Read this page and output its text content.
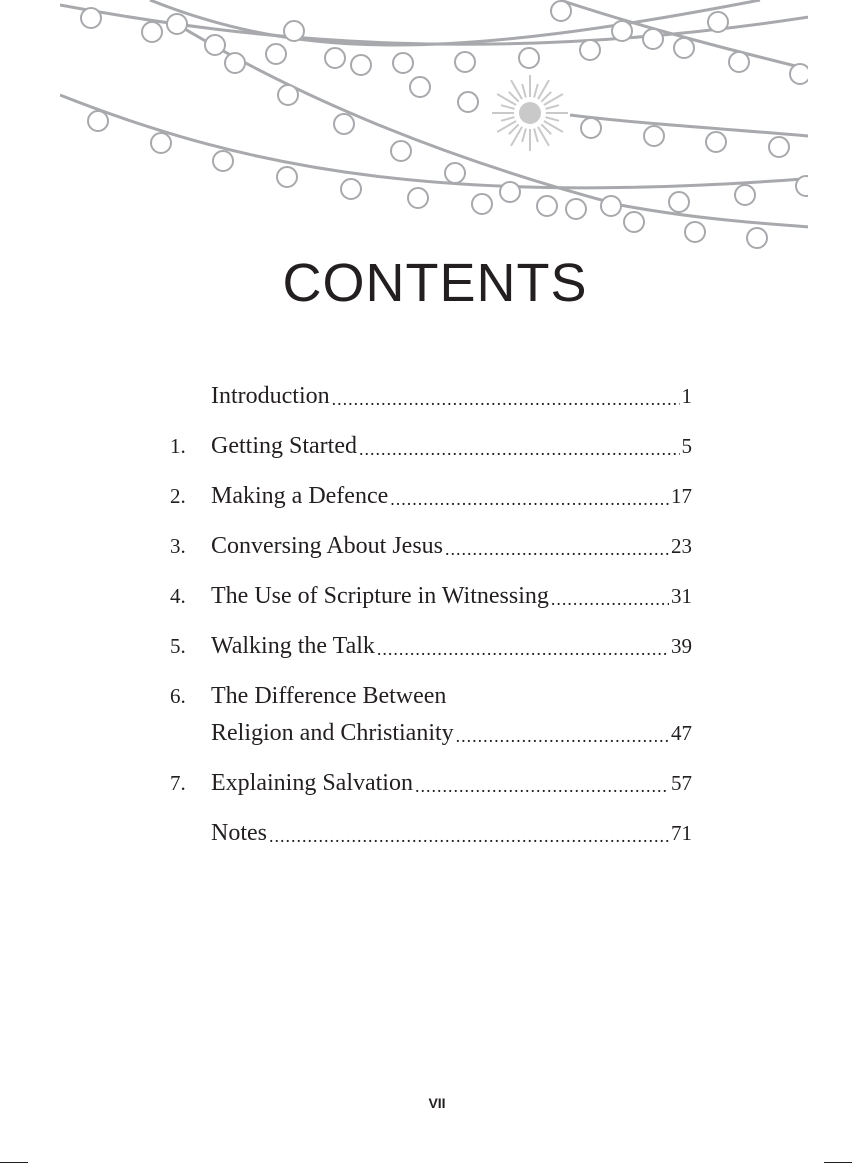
CONTENTS
Introduction .....	1
1.	Getting Started .....	5
2.	Making a Defence .....	17
3.	Conversing About Jesus .....	23
4.	The Use of Scripture in Witnessing .....	31
5.	Walking the Talk .....	39
6.	The Difference Between
Religion and Christianity .....	47
7.	Explaining Salvation .....	57
Notes .....	71
VII
